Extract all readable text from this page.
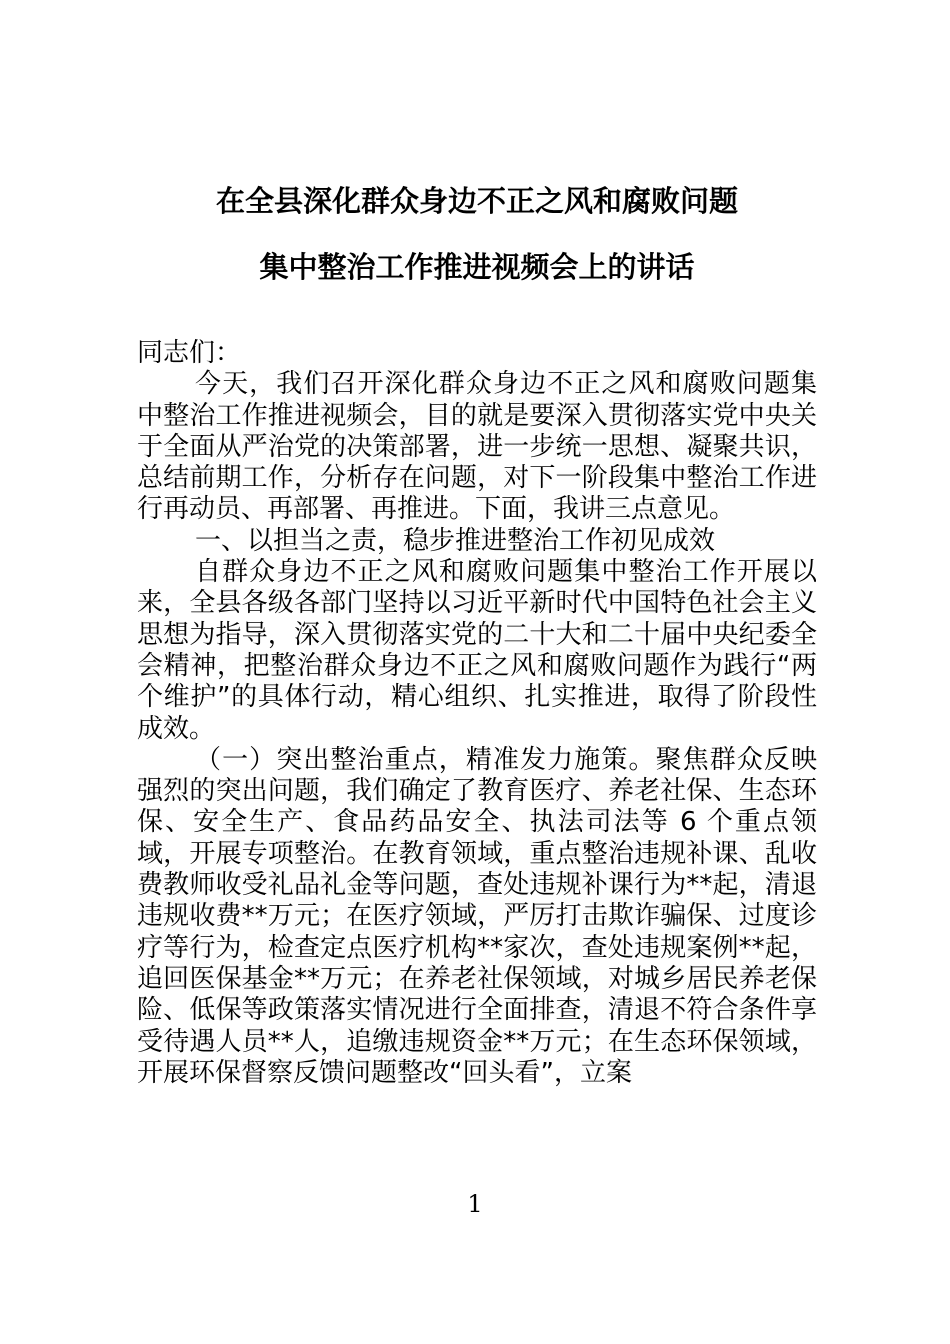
在全县深化群众身边不正之风和腐败问题
集中整治工作推进视频会上的讲话

同志们：

今天，我们召开深化群众身边不正之风和腐败问题集中整治工作推进视频会，目的就是要深入贯彻落实党中央关于全面从严治党的决策部署，进一步统一思想、凝聚共识，总结前期工作，分析存在问题，对下一阶段集中整治工作进行再动员、再部署、再推进。下面，我讲三点意见。

一、以担当之责，稳步推进整治工作初见成效

自群众身边不正之风和腐败问题集中整治工作开展以来，全县各级各部门坚持以习近平新时代中国特色社会主义思想为指导，深入贯彻落实党的二十大和二十届中央纪委全会精神，把整治群众身边不正之风和腐败问题作为践行“两个维护”的具体行动，精心组织、扎实推进，取得了阶段性成效。

（一）突出整治重点，精准发力施策。聚焦群众反映强烈的突出问题，我们确定了教育医疗、养老社保、生态环保、安全生产、食品药品安全、执法司法等 6 个重点领域，开展专项整治。在教育领域，重点整治违规补课、乱收费教师收受礼品礼金等问题，查处违规补课行为**起，清退违规收费**万元；在医疗领域，严厉打击欺诈骗保、过度诊疗等行为，检查定点医疗机构**家次，查处违规案例**起，追回医保基金**万元；在养老社保领域，对城乡居民养老保险、低保等政策落实情况进行全面排查，清退不符合条件享受待遇人员**人，追缴违规资金**万元；在生态环保领域，开展环保督察反馈问题整改“回头看”，立案

1
